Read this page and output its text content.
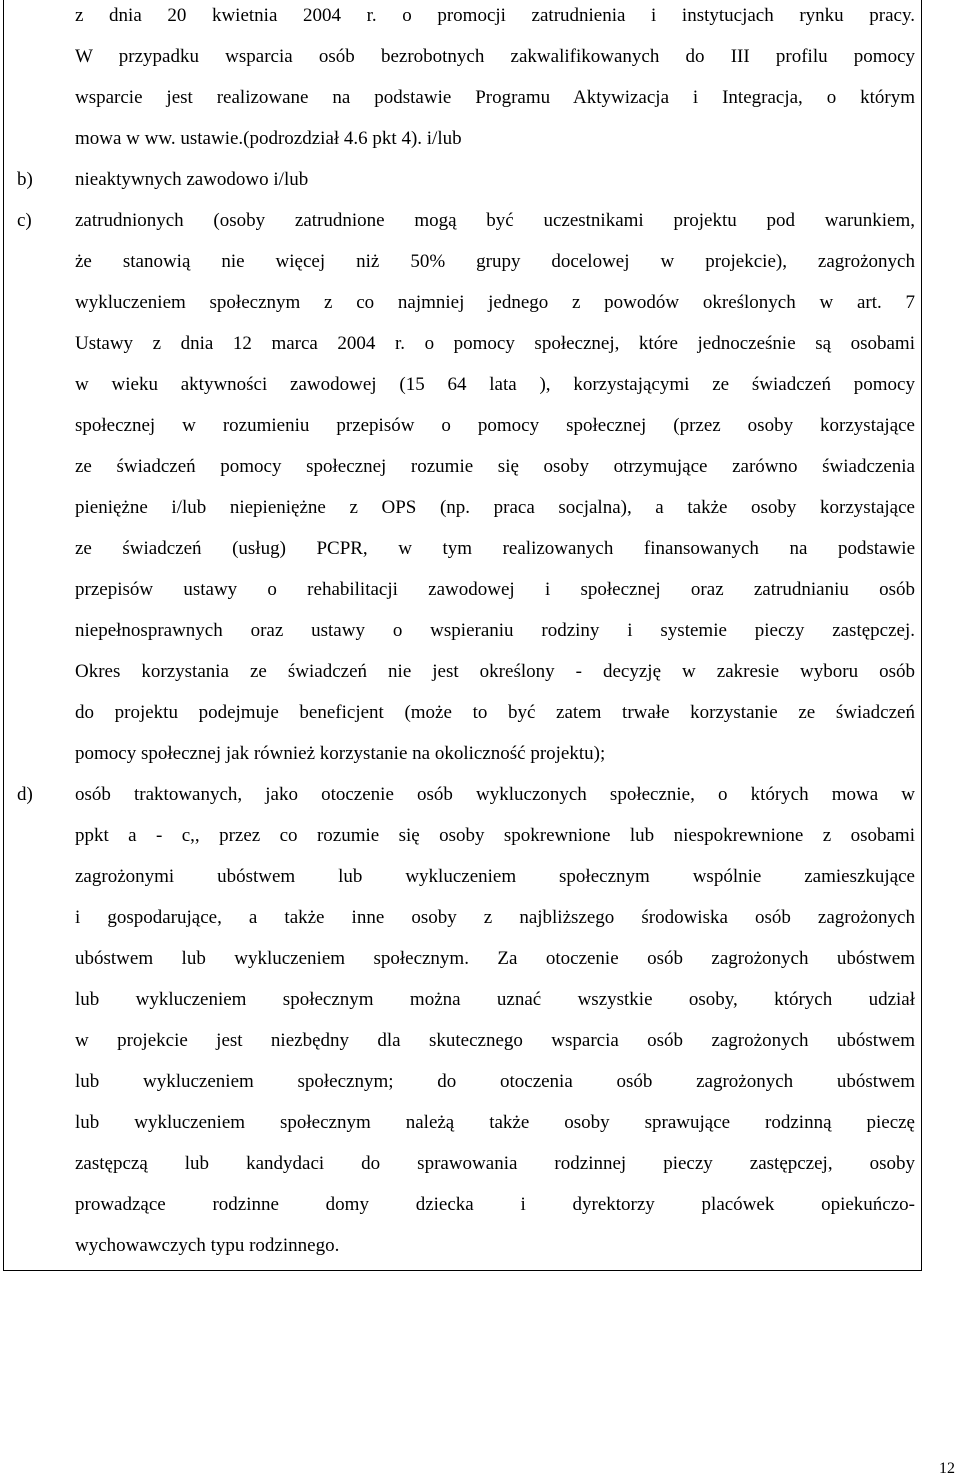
z dnia 20 kwietnia 2004 r. o promocji zatrudnienia i instytucjach rynku pracy.

W przypadku wsparcia osób bezrobotnych zakwalifikowanych do III profilu pomocy

wsparcie jest realizowane na podstawie Programu Aktywizacja i Integracja, o którym

mowa w ww. ustawie.(podrozdział 4.6 pkt 4). i/lub

b) nieaktywnych zawodowo i/lub

c) zatrudnionych (osoby zatrudnione mogą być uczestnikami projektu pod warunkiem,

że stanowią nie więcej niż 50% grupy docelowej w projekcie), zagrożonych

wykluczeniem społecznym z co najmniej jednego z powodów określonych w art. 7

Ustawy z dnia 12 marca 2004 r. o pomocy społecznej, które jednocześnie są osobami

w wieku aktywności zawodowej (15 64 lata ), korzystającymi ze świadczeń pomocy

społecznej w rozumieniu przepisów o pomocy społecznej (przez osoby korzystające

ze świadczeń pomocy społecznej rozumie się osoby otrzymujące zarówno świadczenia

pieniężne i/lub niepieniężne z OPS (np. praca socjalna), a także osoby korzystające

ze świadczeń (usług) PCPR, w tym realizowanych finansowanych na podstawie

przepisów ustawy o rehabilitacji zawodowej i społecznej oraz zatrudnianiu osób

niepełnosprawnych oraz ustawy o wspieraniu rodziny i systemie pieczy zastępczej.

Okres korzystania ze świadczeń nie jest określony - decyzję w zakresie wyboru osób

do projektu podejmuje beneficjent (może to być zatem trwałe korzystanie ze świadczeń

pomocy społecznej jak również korzystanie na okoliczność projektu);

d) osób traktowanych, jako otoczenie osób wykluczonych społecznie, o których mowa w

ppkt a - c,, przez co rozumie się osoby spokrewnione lub niespokrewnione z osobami

zagrożonymi ubóstwem lub wykluczeniem społecznym wspólnie zamieszkujące

i gospodarujące, a także inne osoby z najbliższego środowiska osób zagrożonych

ubóstwem lub wykluczeniem społecznym. Za otoczenie osób zagrożonych ubóstwem

lub wykluczeniem społecznym można uznać wszystkie osoby, których udział

w projekcie jest niezbędny dla skutecznego wsparcia osób zagrożonych ubóstwem

lub wykluczeniem społecznym; do otoczenia osób zagrożonych ubóstwem

lub wykluczeniem społecznym należą także osoby sprawujące rodzinną pieczę

zastępczą lub kandydaci do sprawowania rodzinnej pieczy zastępczej, osoby

prowadzące rodzinne domy dziecka i dyrektorzy placówek opiekuńczo-

wychowawczych typu rodzinnego.

12
